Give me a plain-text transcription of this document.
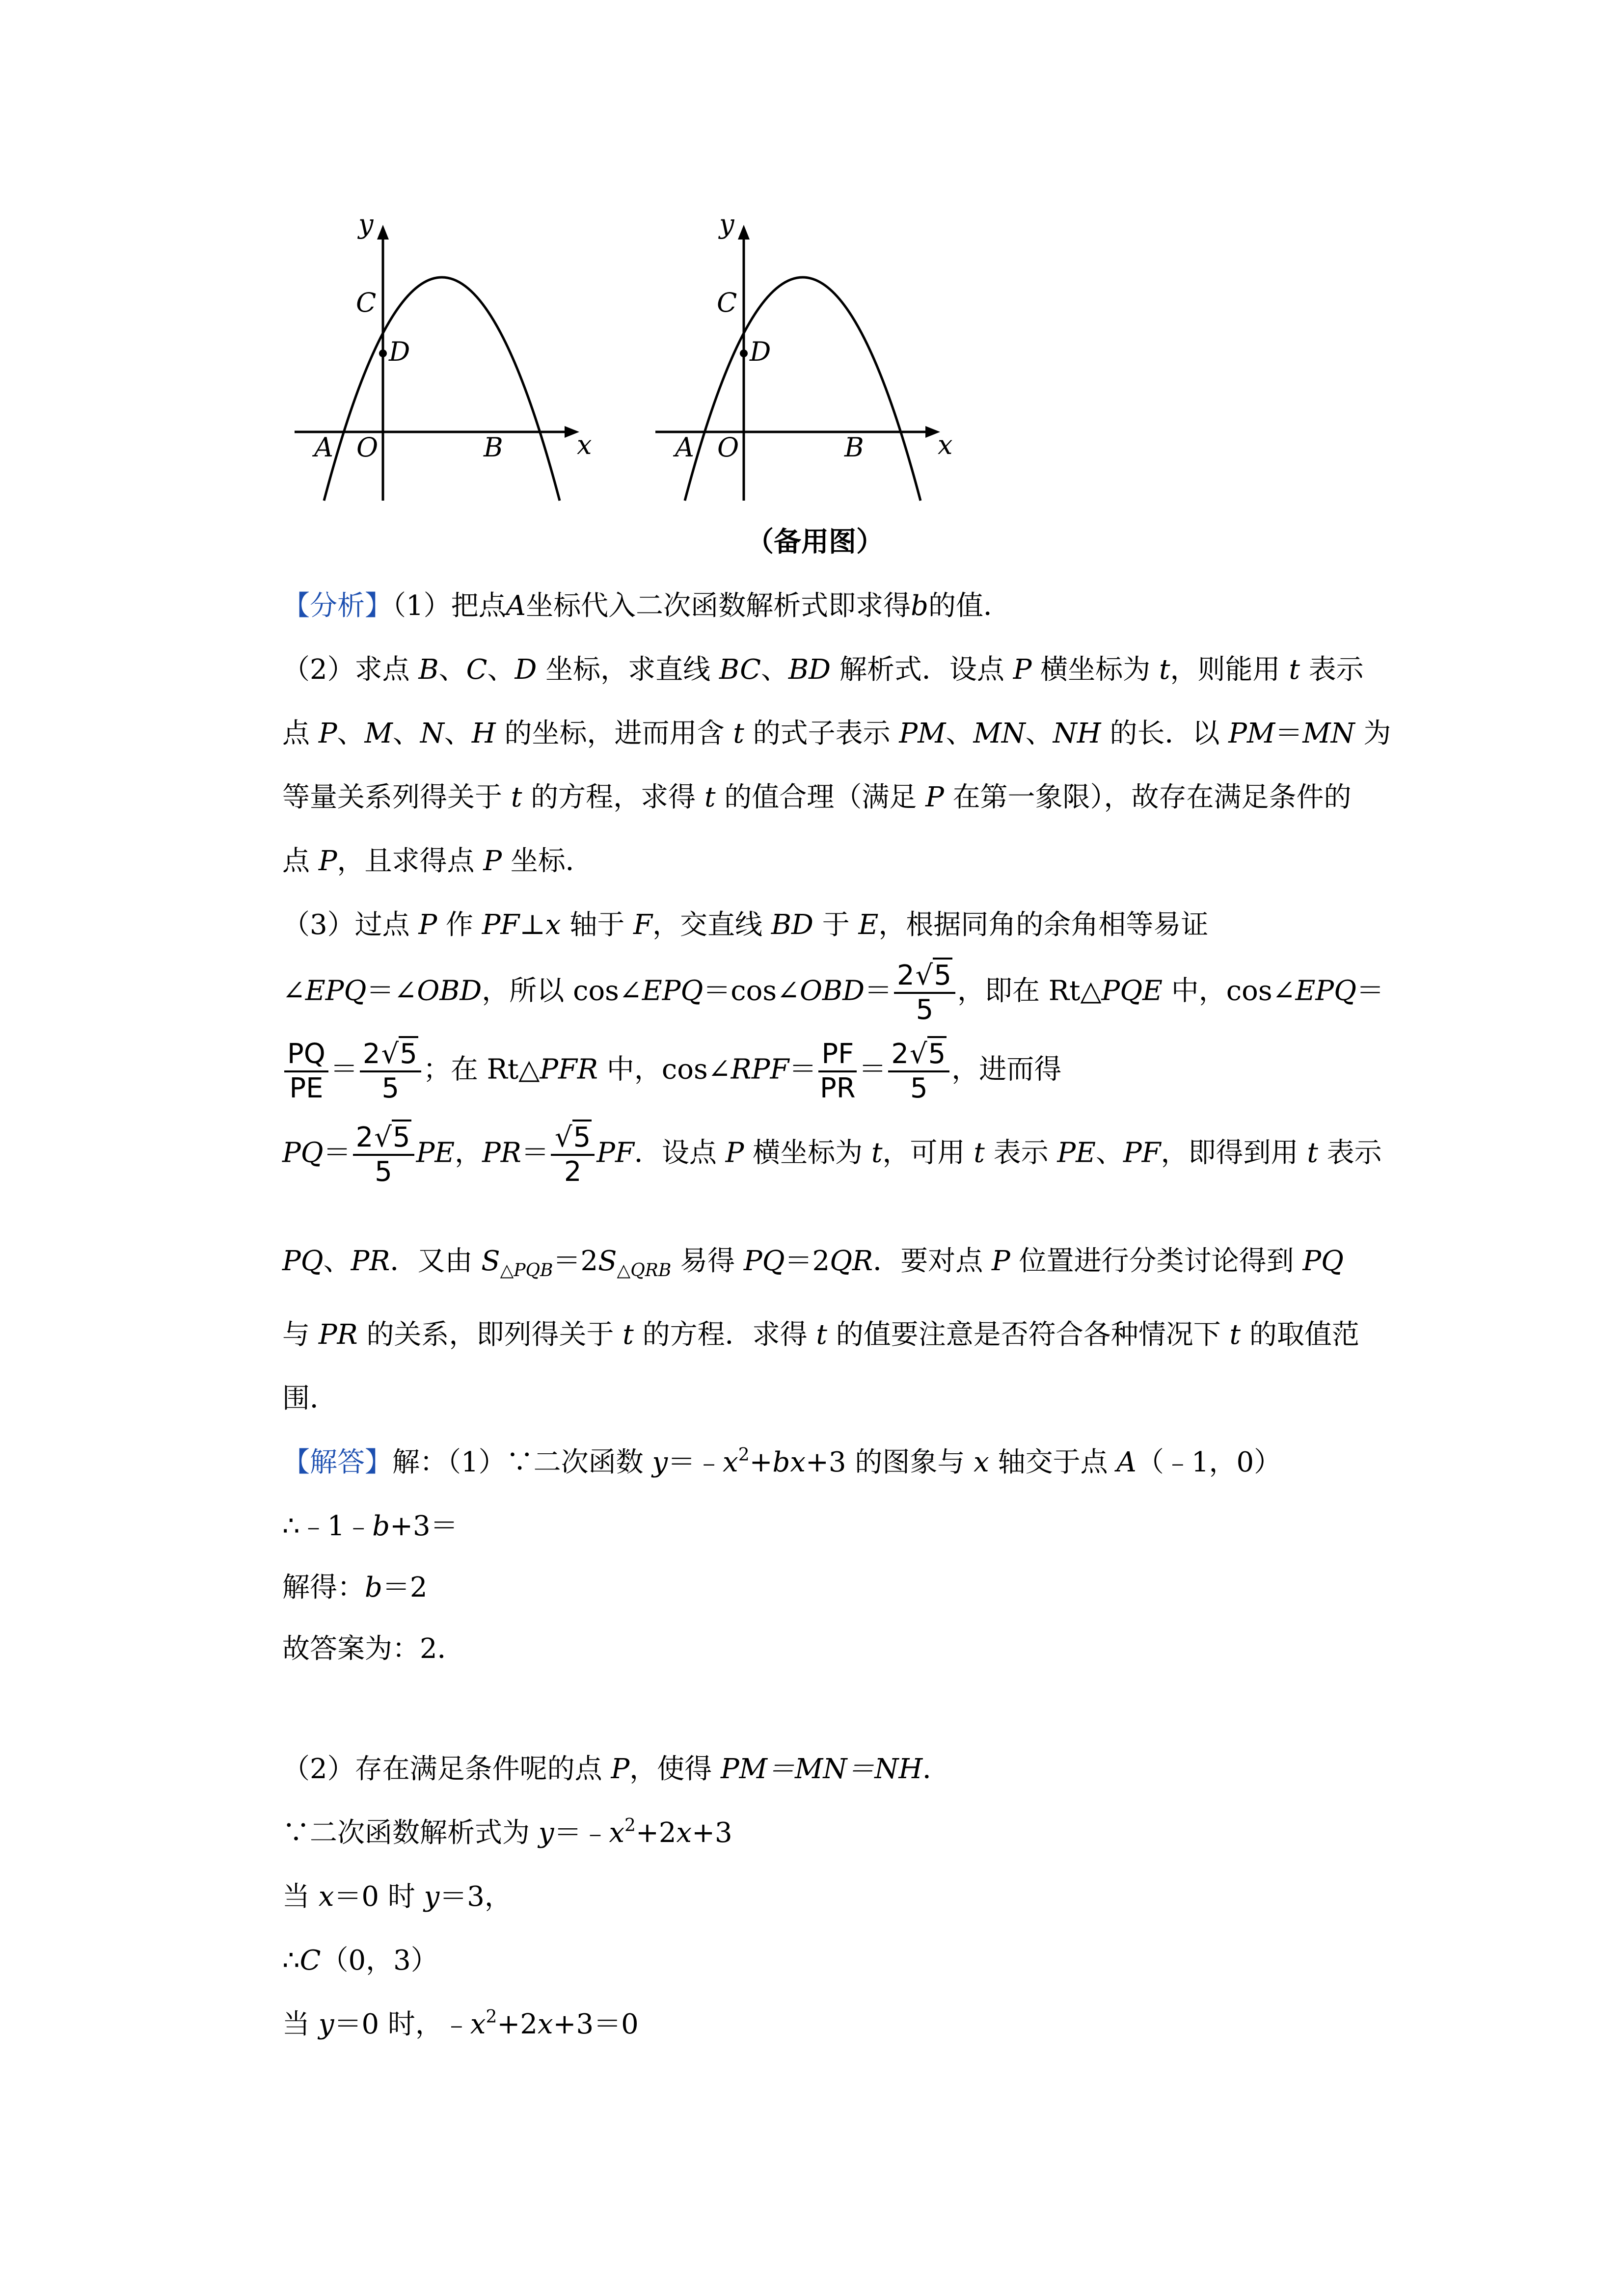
y
x
A O	B
C
D
y
x
A O	B
C
D
（备用图）
【分析】（1）把点A坐标代入二次函数解析式即求得b的值．
（2）求点 B、C、D 坐标，求直线 BC、BD 解析式．设点 P 横坐标为 t，则能用 t 表示
点 P、M、N、H 的坐标，进而用含 t 的式子表示 PM、MN、NH 的长．以 PM＝MN 为
等量关系列得关于 t 的方程，求得 t 的值合理（满足 P 在第一象限），故存在满足条件的
点 P，且求得点 P 坐标．
（3）过点 P 作 PF⊥x 轴于 F，交直线 BD 于 E，根据同角的余角相等易证
∠EPQ＝∠OBD，所以 cos∠EPQ＝cos∠OBD＝ $\frac{2√5}{5}$ ，即在 Rt△PQE 中，cos∠EPQ＝
$\frac{PQ}{PE} = \frac{2√5}{5}$ ；在 Rt△PFR 中，cos∠RPF＝ $\frac{PF}{PR} = \frac{2√5}{5}$ ，进而得
$PQ= \frac{2√5}{5}$ PE，$PR= \frac{√5}{2}$ PF．设点 P 横坐标为 t，可用 t 表示 PE、PF，即得到用 t 表示
PQ、PR．又由 $S_{\triangle PQB}=2S_{\triangle QRB}$ 易得 PQ＝2QR．要对点 P 位置进行分类讨论得到 PQ
与 PR 的关系，即列得关于 t 的方程．求得 t 的值要注意是否符合各种情况下 t 的取值范
围．
【解答】解：（1）∵二次函数 $y=﹣x^2+bx+3$ 的图象与 x 轴交于点 A（﹣1，0）
∴﹣1﹣b+3＝
解得：b＝2
故答案为：2．
（2）存在满足条件呢的点 P，使得 PM＝MN＝NH．
∵二次函数解析式为 $y=﹣x^2+2x+3$
当 x＝0 时 y＝3，
∴C（0，3）
当 y＝0 时，$﹣x^2+2x+3=0$
